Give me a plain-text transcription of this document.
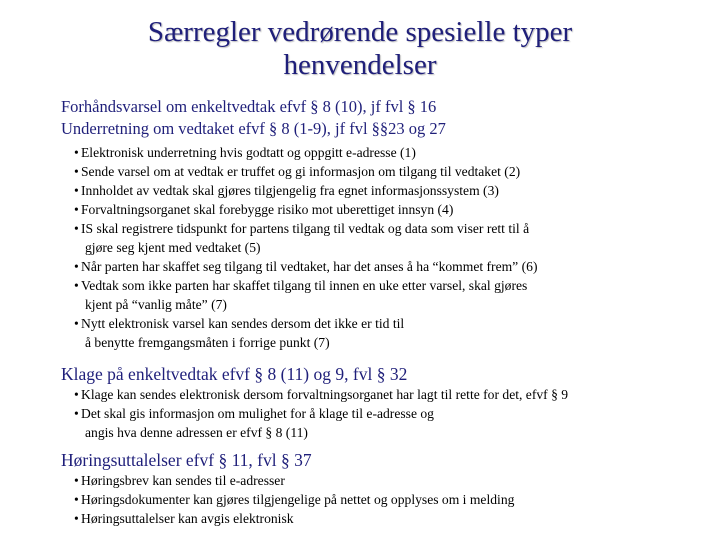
Særregler vedrørende spesielle typer
henvendelser
Forhåndsvarsel om enkeltvedtak efvf § 8 (10), jf fvl § 16
Underretning om vedtaket efvf § 8 (1-9), jf fvl §§23 og 27
• Elektronisk underretning hvis godtatt og oppgitt e-adresse (1)
• Sende varsel om at vedtak er truffet og gi informasjon om tilgang til vedtaket (2)
• Innholdet av vedtak skal gjøres tilgjengelig fra egnet informasjonssystem (3)
• Forvaltningsorganet skal forebygge risiko mot uberettiget innsyn (4)
• IS skal registrere tidspunkt for partens tilgang til vedtak og data som viser rett til å
gjøre seg kjent med vedtaket (5)
• Når parten har skaffet seg tilgang til vedtaket, har det anses å ha “kommet frem” (6)
• Vedtak som ikke parten har skaffet tilgang til innen en uke etter varsel, skal gjøres
kjent på “vanlig måte” (7)
• Nytt elektronisk varsel kan sendes dersom det ikke er tid til
å benytte fremgangsmåten i forrige punkt (7)
Klage på enkeltvedtak efvf § 8 (11) og 9, fvl § 32
• Klage kan sendes elektronisk dersom forvaltningsorganet har lagt til rette for det, efvf § 9
• Det skal gis informasjon om mulighet for å klage til e-adresse og
angis hva denne adressen er efvf § 8 (11)
Høringsuttalelser efvf § 11, fvl § 37
• Høringsbrev kan sendes til e-adresser
• Høringsdokumenter kan gjøres tilgjengelige på nettet og opplyses om i melding
• Høringsuttalelser kan avgis elektronisk
